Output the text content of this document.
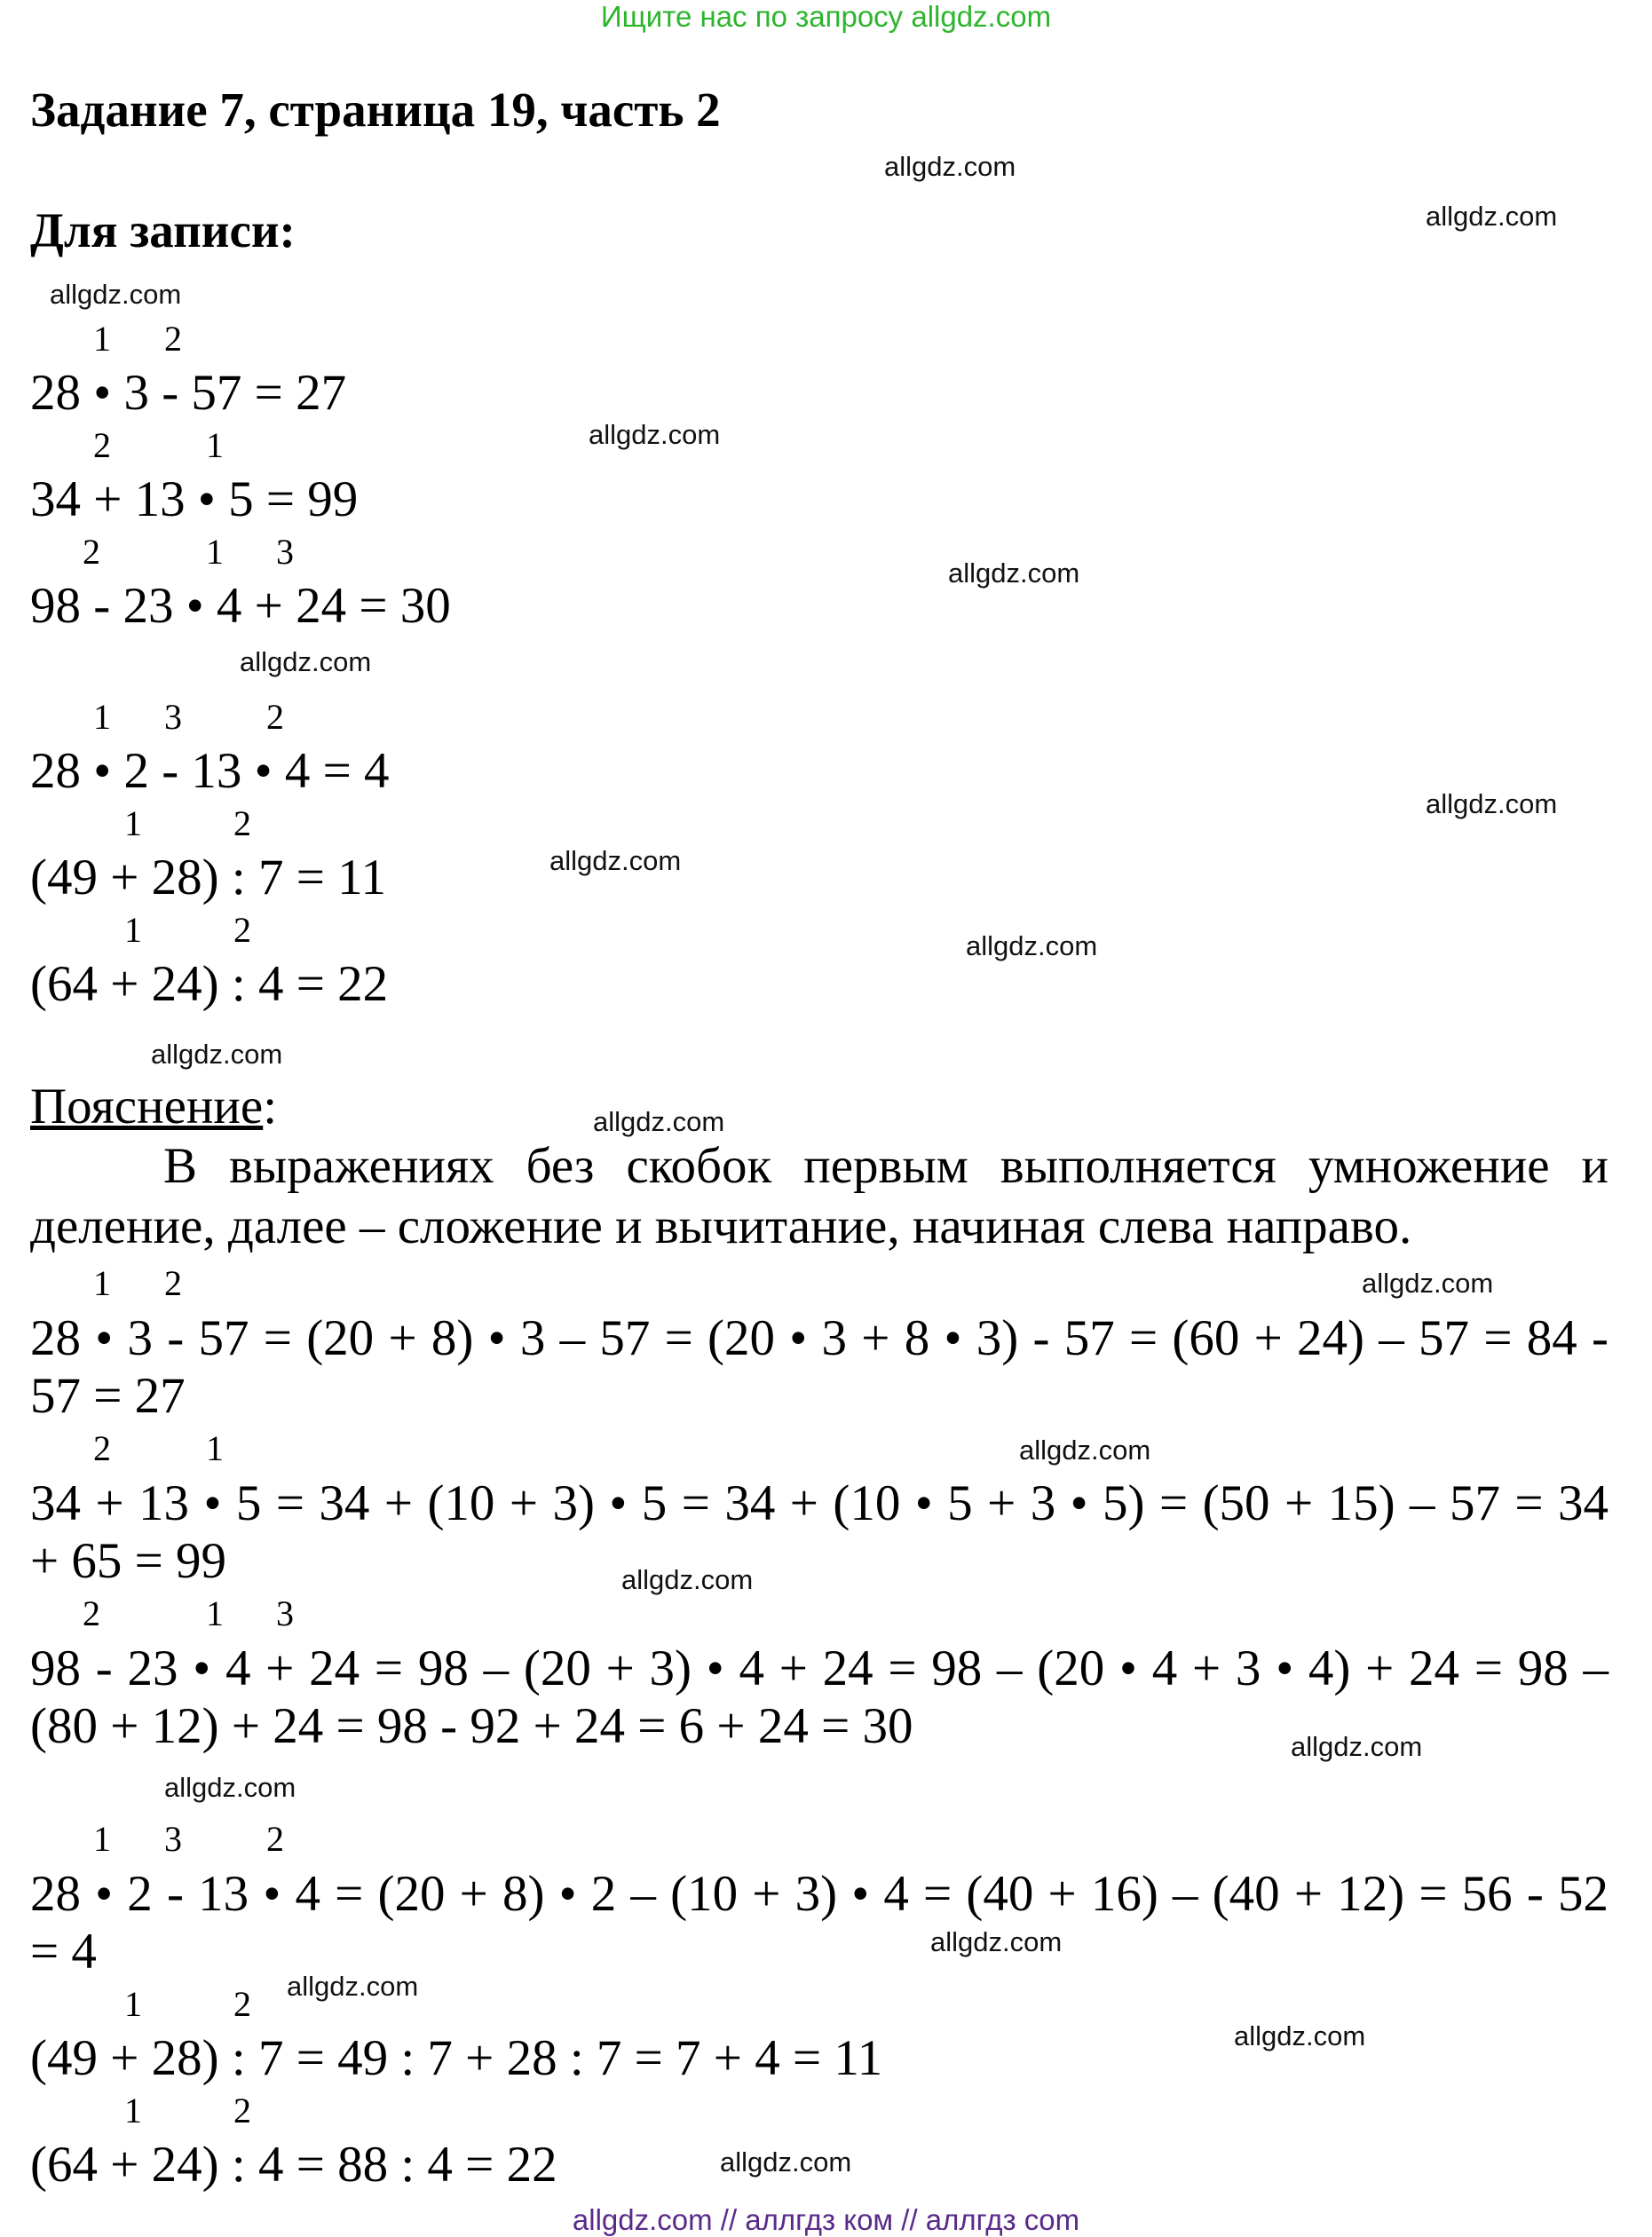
Ищите нас по запросу allgdz.com
Задание 7, страница 19, часть 2
Для записи:
1 2
28 • 3 - 57 = 27
2	1
34 + 13 • 5 = 99
2	1 3
98 - 23 • 4 + 24 = 30
1 3 2
28 • 2 - 13 • 4 = 4
1	2
(49 + 28) : 7 = 11
1	2
(64 + 24) : 4 = 22
Пояснение:
В выражениях без скобок первым выполняется умножение и деление, далее – сложение и вычитание, начиная слева направо.
1 2
28 • 3 - 57 = (20 + 8) • 3 – 57 = (20 • 3 + 8 • 3) - 57 = (60 + 24) – 57 = 84 -
57 = 27
2	1
34 + 13 • 5 = 34 + (10 + 3) • 5 = 34 + (10 • 5 + 3 • 5) = (50 + 15) – 57 = 34
+ 65 = 99
2	1 3
98 - 23 • 4 + 24 = 98 – (20 + 3) • 4 + 24 = 98 – (20 • 4 + 3 • 4) + 24 = 98 –
(80 + 12) + 24 = 98 - 92 + 24 = 6 + 24 = 30
1 3 2
28 • 2 - 13 • 4 = (20 + 8) • 2 – (10 + 3) • 4 = (40 + 16) – (40 + 12) = 56 - 52
= 4
1	2
(49 + 28) : 7 = 49 : 7 + 28 : 7 = 7 + 4 = 11
1	2
(64 + 24) : 4 = 88 : 4 = 22
allgdz.com
allgdz.com
allgdz.com
allgdz.com
allgdz.com
allgdz.com
allgdz.com
allgdz.com
allgdz.com
allgdz.com
allgdz.com
allgdz.com
allgdz.com
allgdz.com
allgdz.com
allgdz.com
allgdz.com
allgdz.com
allgdz.com
allgdz.com
allgdz.com // аллгдз ком // аллгдз com
